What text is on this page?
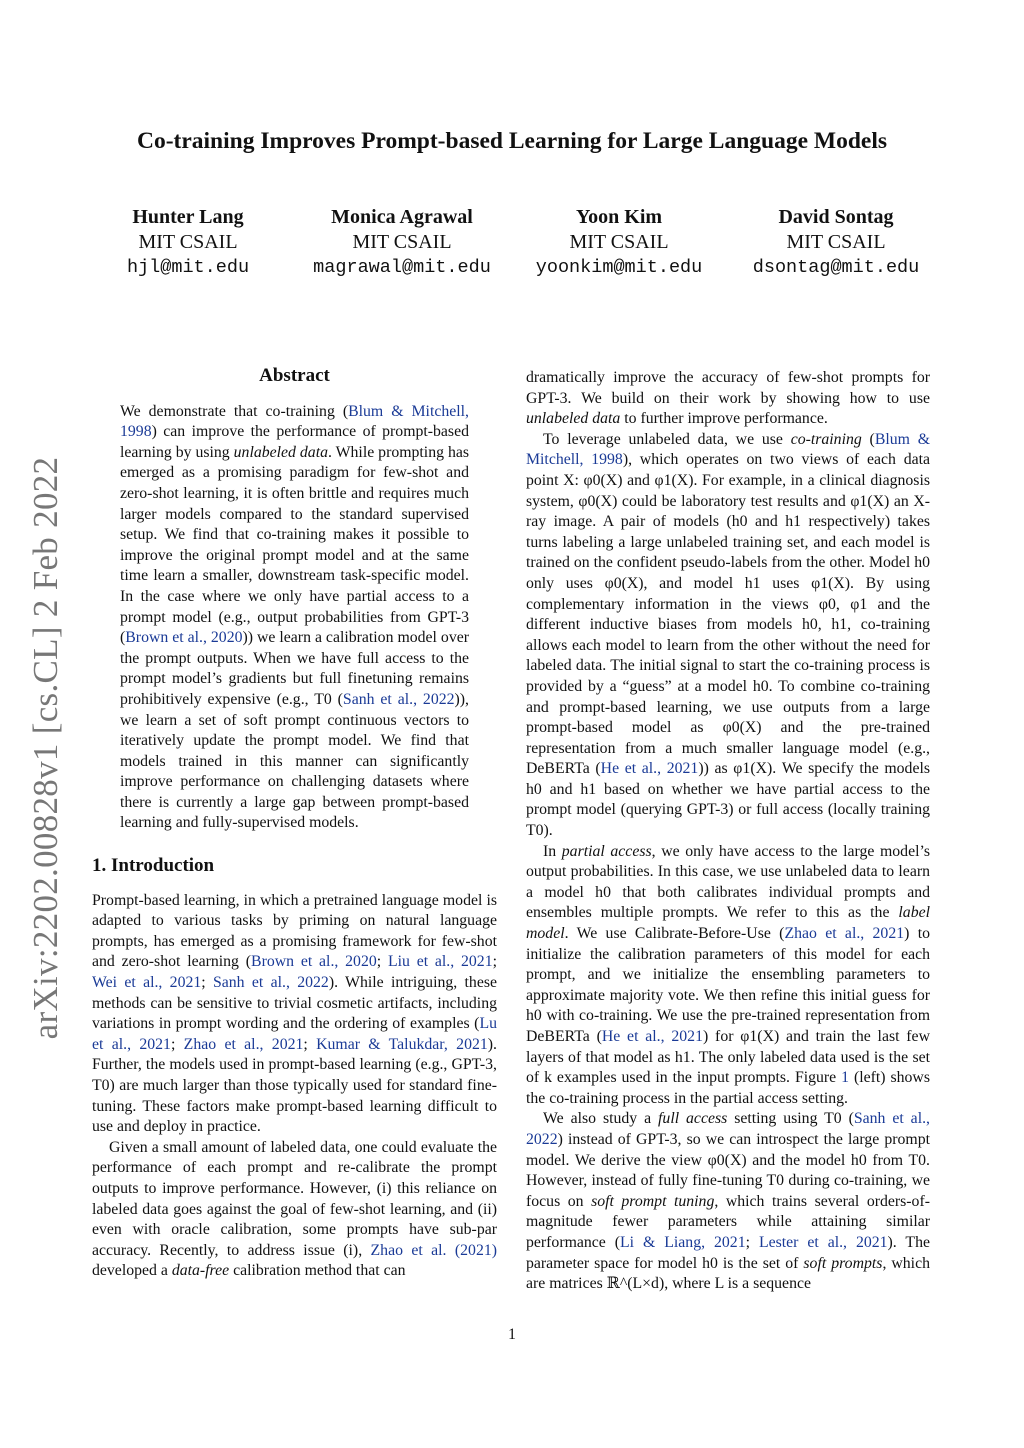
arXiv:2202.00828v1 [cs.CL] 2 Feb 2022
Co-training Improves Prompt-based Learning for Large Language Models
Hunter Lang
MIT CSAIL
hjl@mit.edu
Monica Agrawal
MIT CSAIL
magrawal@mit.edu
Yoon Kim
MIT CSAIL
yoonkim@mit.edu
David Sontag
MIT CSAIL
dsontag@mit.edu
Abstract

We demonstrate that co-training (Blum & Mitchell, 1998) can improve the performance of prompt-based learning by using unlabeled data. While prompting has emerged as a promising paradigm for few-shot and zero-shot learning, it is often brittle and requires much larger models compared to the standard supervised setup. We find that co-training makes it possible to improve the original prompt model and at the same time learn a smaller, downstream task-specific model. In the case where we only have partial access to a prompt model (e.g., output probabilities from GPT-3 (Brown et al., 2020)) we learn a calibration model over the prompt outputs. When we have full access to the prompt model’s gradients but full finetuning remains prohibitively expensive (e.g., T0 (Sanh et al., 2022)), we learn a set of soft prompt continuous vectors to iteratively update the prompt model. We find that models trained in this manner can significantly improve performance on challenging datasets where there is currently a large gap between prompt-based learning and fully-supervised models.

1. Introduction

Prompt-based learning, in which a pretrained language model is adapted to various tasks by priming on natural language prompts, has emerged as a promising framework for few-shot and zero-shot learning (Brown et al., 2020; Liu et al., 2021; Wei et al., 2021; Sanh et al., 2022). While intriguing, these methods can be sensitive to trivial cosmetic artifacts, including variations in prompt wording and the ordering of examples (Lu et al., 2021; Zhao et al., 2021; Kumar & Talukdar, 2021). Further, the models used in prompt-based learning (e.g., GPT-3, T0) are much larger than those typically used for standard fine-tuning. These factors make prompt-based learning difficult to use and deploy in practice.

Given a small amount of labeled data, one could evaluate the performance of each prompt and re-calibrate the prompt outputs to improve performance. However, (i) this reliance on labeled data goes against the goal of few-shot learning, and (ii) even with oracle calibration, some prompts have sub-par accuracy. Recently, to address issue (i), Zhao et al. (2021) developed a data-free calibration method that can

dramatically improve the accuracy of few-shot prompts for GPT-3. We build on their work by showing how to use unlabeled data to further improve performance.

To leverage unlabeled data, we use co-training (Blum & Mitchell, 1998), which operates on two views of each data point X: φ0(X) and φ1(X). For example, in a clinical diagnosis system, φ0(X) could be laboratory test results and φ1(X) an X-ray image. A pair of models (h0 and h1 respectively) takes turns labeling a large unlabeled training set, and each model is trained on the confident pseudo-labels from the other. Model h0 only uses φ0(X), and model h1 uses φ1(X). By using complementary information in the views φ0, φ1 and the different inductive biases from models h0, h1, co-training allows each model to learn from the other without the need for labeled data. The initial signal to start the co-training process is provided by a “guess” at a model h0. To combine co-training and prompt-based learning, we use outputs from a large prompt-based model as φ0(X) and the pre-trained representation from a much smaller language model (e.g., DeBERTa (He et al., 2021)) as φ1(X). We specify the models h0 and h1 based on whether we have partial access to the prompt model (querying GPT-3) or full access (locally training T0).

In partial access, we only have access to the large model’s output probabilities. In this case, we use unlabeled data to learn a model h0 that both calibrates individual prompts and ensembles multiple prompts. We refer to this as the label model. We use Calibrate-Before-Use (Zhao et al., 2021) to initialize the calibration parameters of this model for each prompt, and we initialize the ensembling parameters to approximate majority vote. We then refine this initial guess for h0 with co-training. We use the pre-trained representation from DeBERTa (He et al., 2021) for φ1(X) and train the last few layers of that model as h1. The only labeled data used is the set of k examples used in the input prompts. Figure 1 (left) shows the co-training process in the partial access setting.

We also study a full access setting using T0 (Sanh et al., 2022) instead of GPT-3, so we can introspect the large prompt model. We derive the view φ0(X) and the model h0 from T0. However, instead of fully fine-tuning T0 during co-training, we focus on soft prompt tuning, which trains several orders-of-magnitude fewer parameters while attaining similar performance (Li & Liang, 2021; Lester et al., 2021). The parameter space for model h0 is the set of soft prompts, which are matrices ℝ^(L×d), where L is a sequence

1
